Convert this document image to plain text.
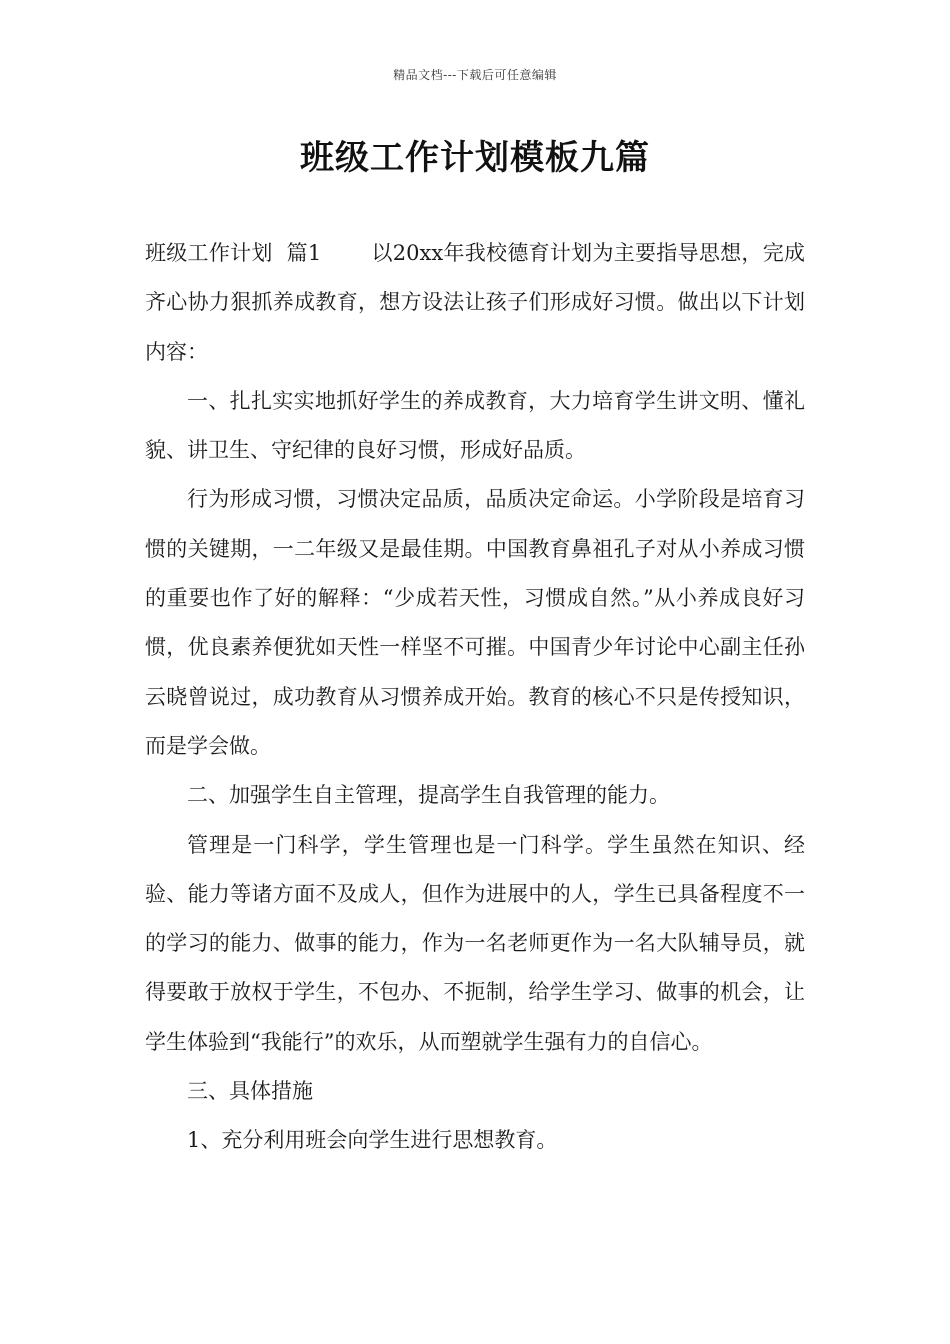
精品文档---下载后可任意编辑
班级工作计划模板九篇

班级工作计划  篇1 以20xx年我校德育计划为主要指导思想，完成齐心协力狠抓养成教育，想方设法让孩子们形成好习惯。做出以下计划内容：

一、扎扎实实地抓好学生的养成教育，大力培育学生讲文明、懂礼貌、讲卫生、守纪律的良好习惯，形成好品质。

行为形成习惯，习惯决定品质，品质决定命运。小学阶段是培育习惯的关键期，一二年级又是最佳期。中国教育鼻祖孔子对从小养成习惯的重要也作了好的解释：“少成若天性，习惯成自然。”从小养成良好习惯，优良素养便犹如天性一样坚不可摧。中国青少年讨论中心副主任孙云晓曾说过，成功教育从习惯养成开始。教育的核心不只是传授知识，而是学会做。

二、加强学生自主管理，提高学生自我管理的能力。

管理是一门科学，学生管理也是一门科学。学生虽然在知识、经验、能力等诸方面不及成人，但作为进展中的人，学生已具备程度不一的学习的能力、做事的能力，作为一名老师更作为一名大队辅导员，就得要敢于放权于学生，不包办、不扼制，给学生学习、做事的机会，让学生体验到“我能行”的欢乐，从而塑就学生强有力的自信心。

三、具体措施

1、充分利用班会向学生进行思想教育。
